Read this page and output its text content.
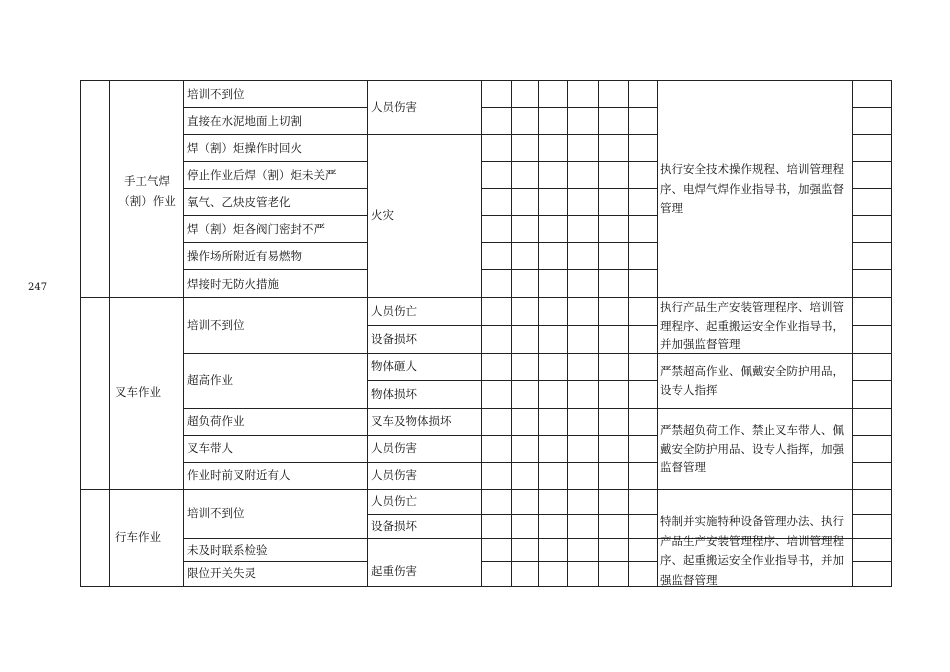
247
手工气焊（割）作业
培训不到位
直接在水泥地面上切割
焊（割）炬操作时回火
停止作业后焊（割）炬未关严
氧气、乙炔皮管老化
焊（割）炬各阀门密封不严
操作场所附近有易燃物
焊接时无防火措施
人员伤害
火灾
执行安全技术操作规程、培训管理程序、电焊气焊作业指导书，加强监督管理
叉车作业
培训不到位
超高作业
超负荷作业
叉车带人
作业时前叉附近有人
人员伤亡
设备损坏
物体砸人
物体损坏
叉车及物体损坏
人员伤害
人员伤害
执行产品生产安装管理程序、培训管理程序、起重搬运安全作业指导书，并加强监督管理
严禁超高作业、佩戴安全防护用品，设专人指挥
严禁超负荷工作、禁止叉车带人、佩戴安全防护用品、设专人指挥，加强监督管理
行车作业
培训不到位
未及时联系检验
限位开关失灵
人员伤亡
设备损坏
起重伤害
特制并实施特种设备管理办法、执行产品生产安装管理程序、培训管理程序、起重搬运安全作业指导书，并加强监督管理
